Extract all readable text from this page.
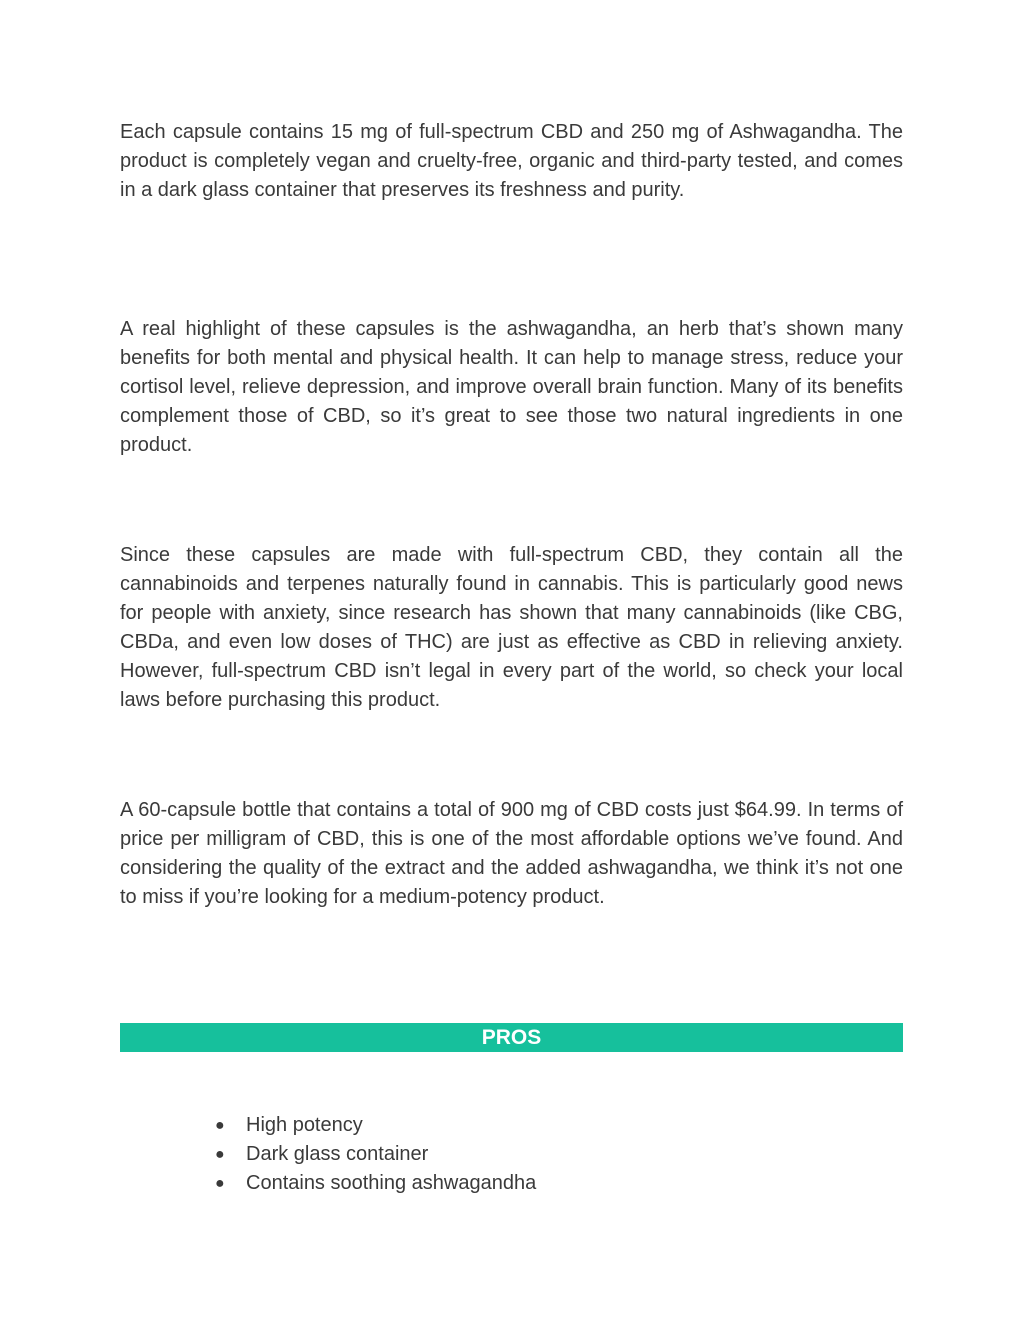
Each capsule contains 15 mg of full-spectrum CBD and 250 mg of Ashwagandha. The product is completely vegan and cruelty-free, organic and third-party tested, and comes in a dark glass container that preserves its freshness and purity.

A real highlight of these capsules is the ashwagandha, an herb that’s shown many benefits for both mental and physical health. It can help to manage stress, reduce your cortisol level, relieve depression, and improve overall brain function. Many of its benefits complement those of CBD, so it’s great to see those two natural ingredients in one product.

Since these capsules are made with full-spectrum CBD, they contain all the cannabinoids and terpenes naturally found in cannabis. This is particularly good news for people with anxiety, since research has shown that many cannabinoids (like CBG, CBDa, and even low doses of THC) are just as effective as CBD in relieving anxiety. However, full-spectrum CBD isn’t legal in every part of the world, so check your local laws before purchasing this product.

A 60-capsule bottle that contains a total of 900 mg of CBD costs just $64.99. In terms of price per milligram of CBD, this is one of the most affordable options we’ve found. And considering the quality of the extract and the added ashwagandha, we think it’s not one to miss if you’re looking for a medium-potency product.

PROS
● High potency
● Dark glass container
● Contains soothing ashwagandha
